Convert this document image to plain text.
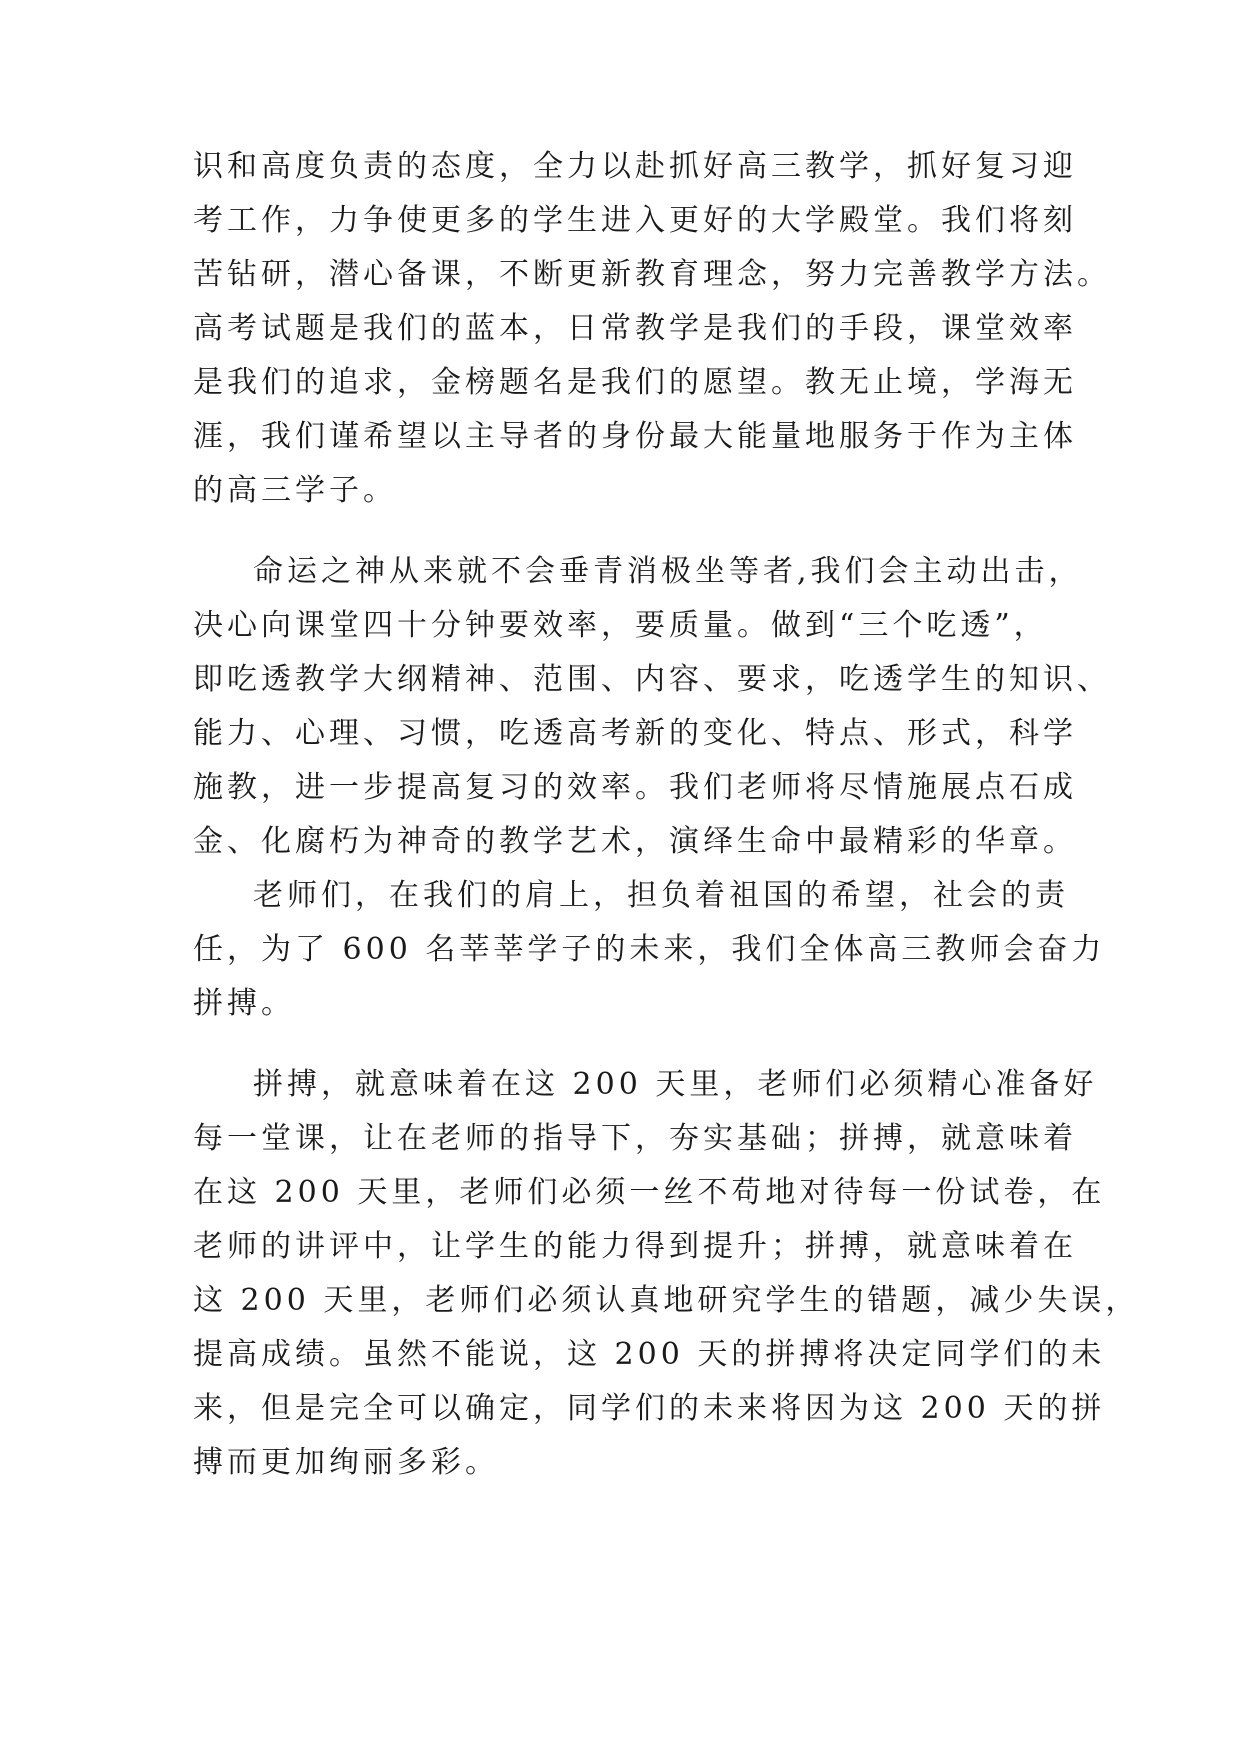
识和高度负责的态度，全力以赴抓好高三教学，抓好复习迎
考工作，力争使更多的学生进入更好的大学殿堂。我们将刻
苦钻研，潜心备课，不断更新教育理念，努力完善教学方法。
高考试题是我们的蓝本，日常教学是我们的手段，课堂效率
是我们的追求，金榜题名是我们的愿望。教无止境，学海无
涯，我们谨希望以主导者的身份最大能量地服务于作为主体
的高三学子。
命运之神从来就不会垂青消极坐等者,我们会主动出击，
决心向课堂四十分钟要效率，要质量。做到“三个吃透”，
即吃透教学大纲精神、范围、内容、要求，吃透学生的知识、
能力、心理、习惯，吃透高考新的变化、特点、形式，科学
施教，进一步提高复习的效率。我们老师将尽情施展点石成
金、化腐朽为神奇的教学艺术，演绎生命中最精彩的华章。
老师们，在我们的肩上，担负着祖国的希望，社会的责
任，为了 600 名莘莘学子的未来，我们全体高三教师会奋力
拼搏。
拼搏，就意味着在这 200 天里，老师们必须精心准备好
每一堂课，让在老师的指导下，夯实基础；拼搏，就意味着
在这 200 天里，老师们必须一丝不苟地对待每一份试卷，在
老师的讲评中，让学生的能力得到提升；拼搏，就意味着在
这 200 天里，老师们必须认真地研究学生的错题，减少失误，
提高成绩。虽然不能说，这 200 天的拼搏将决定同学们的未
来，但是完全可以确定，同学们的未来将因为这 200 天的拼
搏而更加绚丽多彩。
